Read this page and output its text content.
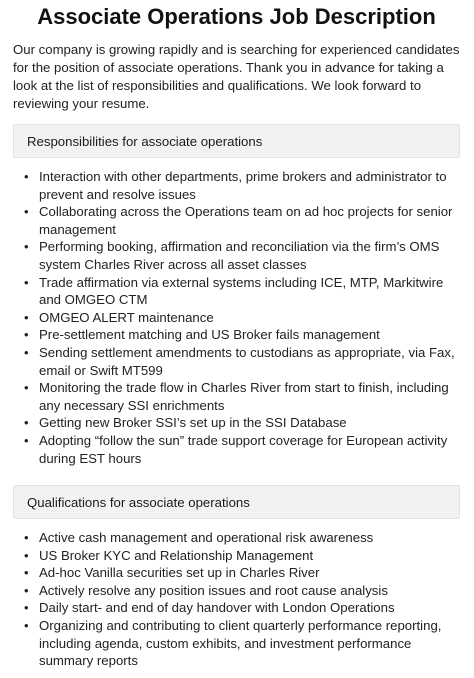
Associate Operations Job Description

Our company is growing rapidly and is searching for experienced candidates for the position of associate operations. Thank you in advance for taking a look at the list of responsibilities and qualifications. We look forward to reviewing your resume.

Responsibilities for associate operations
• Interaction with other departments, prime brokers and administrator to prevent and resolve issues
• Collaborating across the Operations team on ad hoc projects for senior management
• Performing booking, affirmation and reconciliation via the firm’s OMS system Charles River across all asset classes
• Trade affirmation via external systems including ICE, MTP, Markitwire and OMGEO CTM
• OMGEO ALERT maintenance
• Pre-settlement matching and US Broker fails management
• Sending settlement amendments to custodians as appropriate, via Fax, email or Swift MT599
• Monitoring the trade flow in Charles River from start to finish, including any necessary SSI enrichments
• Getting new Broker SSI’s set up in the SSI Database
• Adopting “follow the sun” trade support coverage for European activity during EST hours
Qualifications for associate operations
• Active cash management and operational risk awareness
• US Broker KYC and Relationship Management
• Ad-hoc Vanilla securities set up in Charles River
• Actively resolve any position issues and root cause analysis
• Daily start- and end of day handover with London Operations
• Organizing and contributing to client quarterly performance reporting, including agenda, custom exhibits, and investment performance summary reports
